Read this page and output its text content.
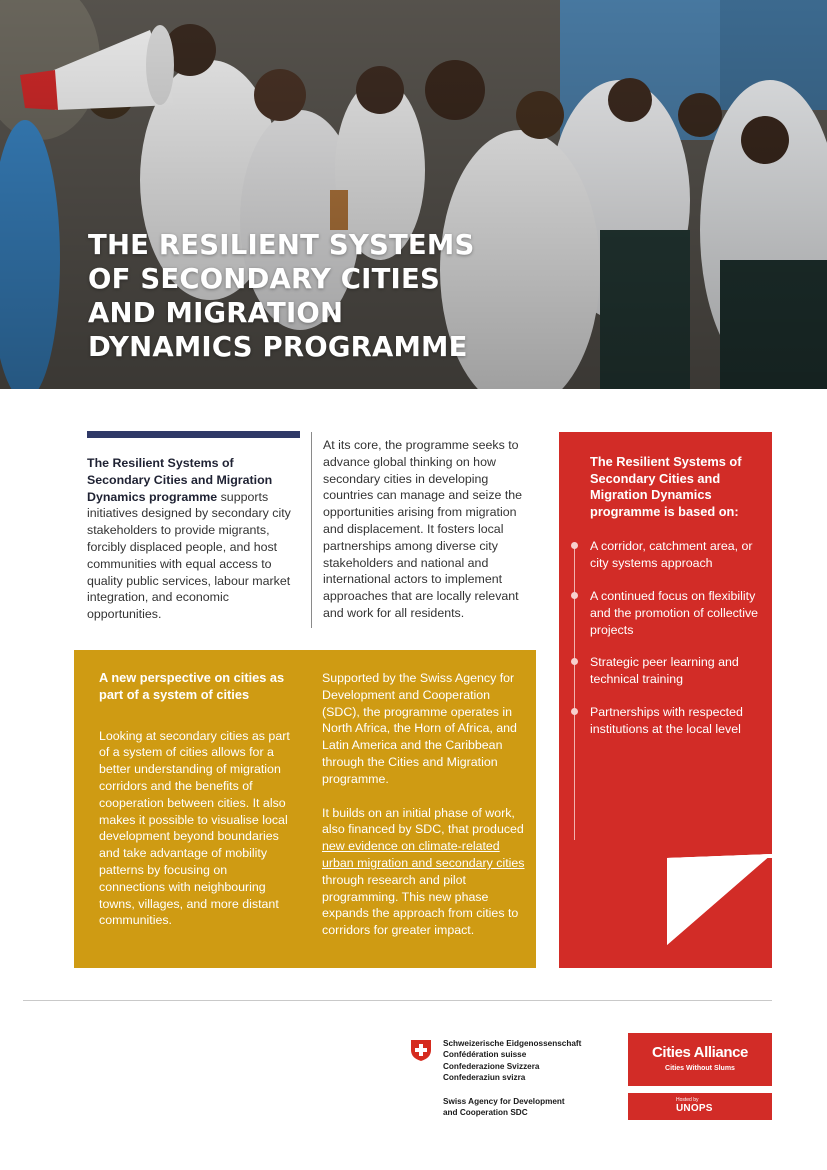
THE RESILIENT SYSTEMS
OF SECONDARY CITIES
AND MIGRATION
DYNAMICS PROGRAMME
The Resilient Systems of Secondary Cities and Migration Dynamics programme supports initiatives designed by secondary city stakeholders to provide migrants, forcibly displaced people, and host communities with equal access to quality public services, labour market integration, and economic opportunities.
At its core, the programme seeks to advance global thinking on how secondary cities in developing countries can manage and seize the opportunities arising from migration and displacement. It fosters local partnerships among diverse city stakeholders and national and international actors to implement approaches that are locally relevant and work for all residents.
A new perspective on cities as part of a system of cities

Looking at secondary cities as part of a system of cities allows for a better understanding of migration corridors and the benefits of cooperation between cities. It also makes it possible to visualise local development beyond boundaries and take advantage of mobility patterns by focusing on connections with neighbouring towns, villages, and more distant communities.

Supported by the Swiss Agency for Development and Cooperation (SDC), the programme operates in North Africa, the Horn of Africa, and Latin America and the Caribbean through the Cities and Migration programme.

It builds on an initial phase of work, also financed by SDC, that produced new evidence on climate-related urban migration and secondary cities through research and pilot programming. This new phase expands the approach from cities to corridors for greater impact.

The Resilient Systems of Secondary Cities and Migration Dynamics programme is based on:
A corridor, catchment area, or city systems approach
A continued focus on flexibility and the promotion of collective projects
Strategic peer learning and technical training
Partnerships with respected institutions at the local level
Schweizerische Eidgenossenschaft
Confédération suisse
Confederazione Svizzera
Confederaziun svizra
Swiss Agency for Development
and Cooperation SDC
Cities Alliance
Cities Without Slums
Hosted by
UNOPS
